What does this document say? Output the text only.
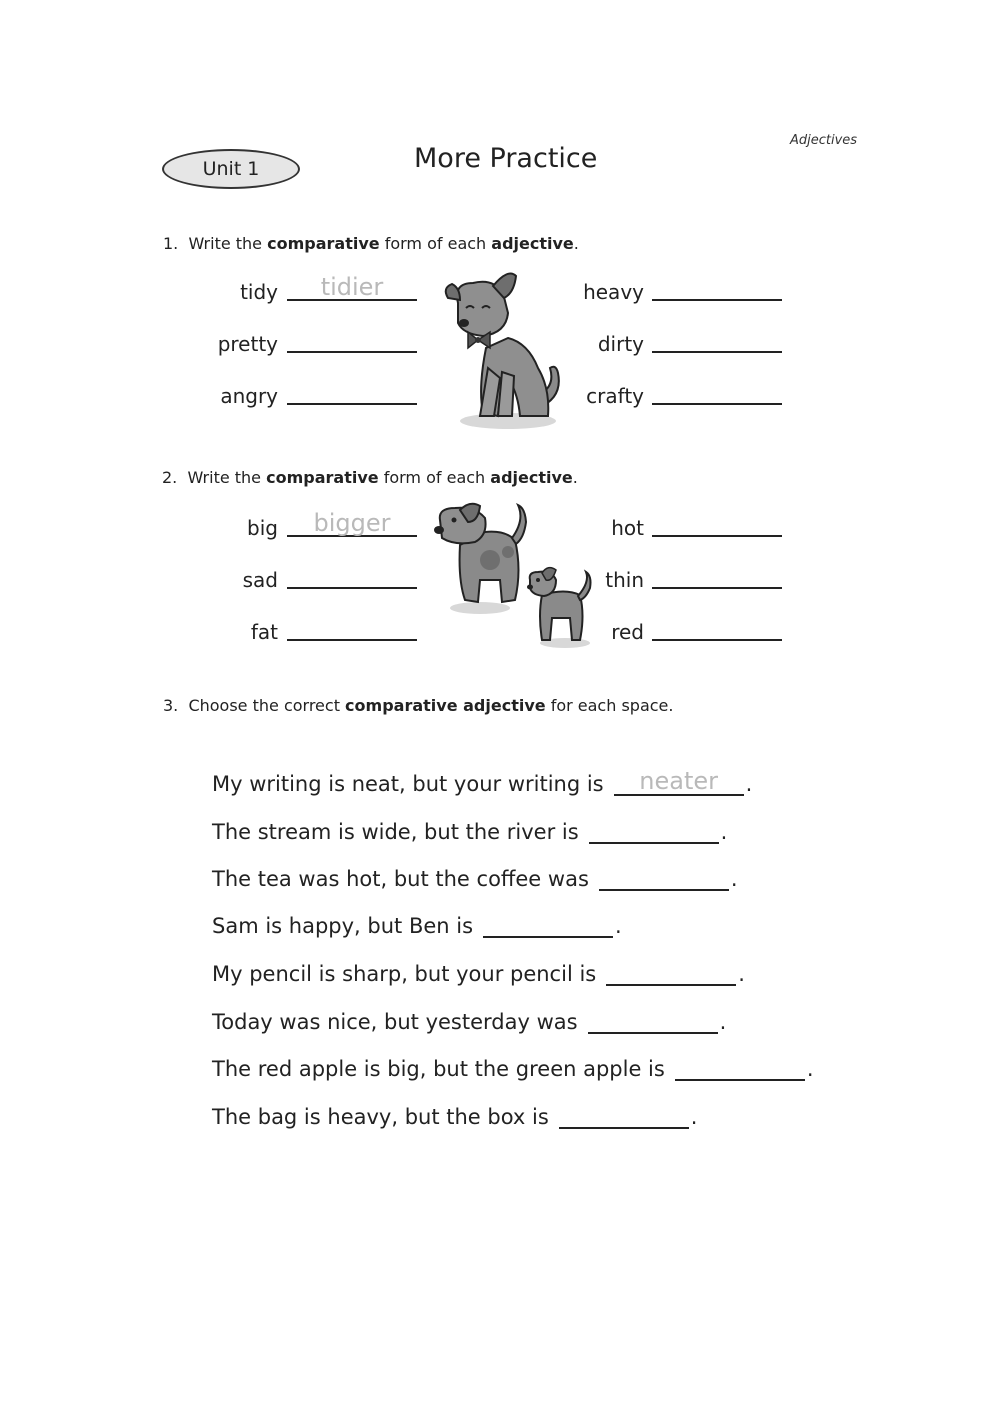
Adjectives
Unit 1	More Practice
1. Write the comparative form of each adjective.
tidy	tidier
pretty
angry
heavy
dirty
crafty
2. Write the comparative form of each adjective.
big	bigger
sad
fat
hot
thin
red
3. Choose the correct comparative adjective for each space.
My writing is neat, but your writing is	neater	.
The stream is wide, but the river is	.
The tea was hot, but the coffee was	.
Sam is happy, but Ben is	.
My pencil is sharp, but your pencil is	.
Today was nice, but yesterday was	.
The red apple is big, but the green apple is	.
The bag is heavy, but the box is	.
